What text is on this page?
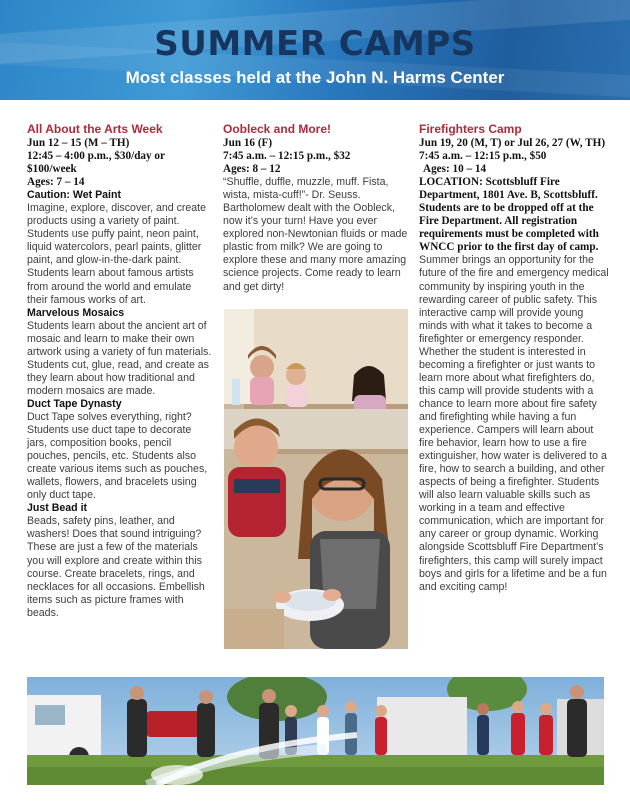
SUMMER CAMPS
Most classes held at the John N. Harms Center
All About the Arts Week
Jun 12 – 15 (M – TH)
12:45 – 4:00 p.m., $30/day or $100/week
Ages: 7 – 14
Caution: Wet Paint
Imagine, explore, discover, and create products using a variety of paint. Students use puffy paint, neon paint, liquid watercolors, pearl paints, glitter paint, and glow-in-the-dark paint. Students learn about famous artists from around the world and emulate their famous works of art.
Marvelous Mosaics
Students learn about the ancient art of mosaic and learn to make their own artwork using a variety of fun materials. Students cut, glue, read, and create as they learn about how traditional and modern mosaics are made.
Duct Tape Dynasty
Duct Tape solves everything, right? Students use duct tape to decorate jars, composition books, pencil pouches, pencils, etc. Students also create various items such as pouches, wallets, flowers, and bracelets using only duct tape.
Just Bead it
Beads, safety pins, leather, and washers! Does that sound intriguing? These are just a few of the materials you will explore and create within this course. Create bracelets, rings, and necklaces for all occasions. Embellish items such as picture frames with beads.
Oobleck and More!
Jun 16 (F)
7:45 a.m. – 12:15 p.m., $32
Ages: 8 – 12
“Shuffle, duffle, muzzle, muff. Fista, wista, mista-cuff!”- Dr. Seuss. Bartholomew dealt with the Oobleck, now it’s your turn! Have you ever explored non-Newtonian fluids or made plastic from milk? We are going to explore these and many more amazing science projects. Come ready to learn and get dirty!
Firefighters Camp
Jun 19, 20 (M, T) or Jul 26, 27 (W, TH)
7:45 a.m. – 12:15 p.m., $50
Ages: 10 – 14
LOCATION: Scottsbluff Fire Department, 1801 Ave. B, Scottsbluff. Students are to be dropped off at the Fire Department. All registration requirements must be completed with WNCC prior to the first day of camp.
Summer brings an opportunity for the future of the fire and emergency medical community by inspiring youth in the rewarding career of public safety. This interactive camp will provide young minds with what it takes to become a firefighter or emergency responder. Whether the student is interested in becoming a firefighter or just wants to learn more about what firefighters do, this camp will provide students with a chance to learn more about fire safety and firefighting while having a fun experience. Campers will learn about fire behavior, learn how to use a fire extinguisher, how water is delivered to a fire, how to search a building, and other aspects of being a firefighter. Students will also learn valuable skills such as working in a team and effective communication, which are important for any career or group dynamic. Working alongside Scottsbluff Fire Department’s firefighters, this camp will surely impact boys and girls for a lifetime and be a fun and exciting camp!
